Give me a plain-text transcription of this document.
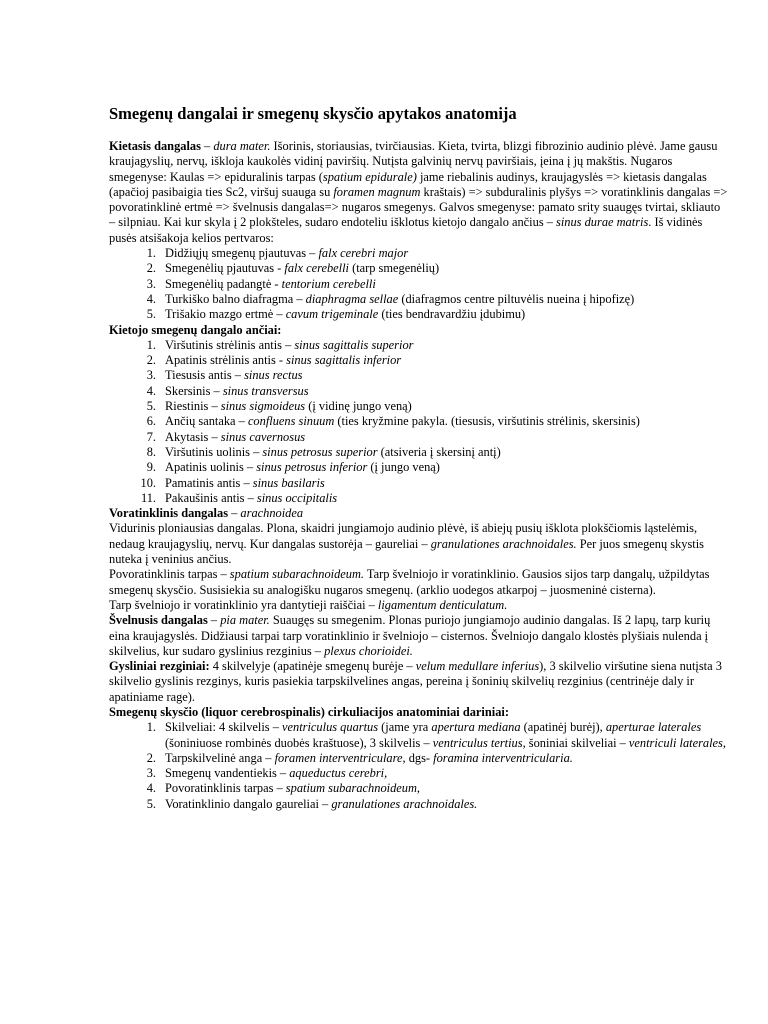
Smegenų dangalai ir smegenų skysčio apytakos anatomija

Kietasis dangalas – dura mater. Išorinis, storiausias, tvirčiausias. Kieta, tvirta, blizgi fibrozinio audinio plėvė. Jame gausu kraujagyslių, nervų, iškloja kaukolės vidinį paviršių. Nutįsta galvinių nervų paviršiais, įeina į jų makštis. Nugaros smegenyse: Kaulas => epiduralinis tarpas (spatium epidurale) jame riebalinis audinys, kraujagyslės => kietasis dangalas (apačioj pasibaigia ties Sc2, viršuj suauga su foramen magnum kraštais) => subduralinis plyšys => voratinklinis dangalas => povoratinklinė ertmė => švelnusis dangalas=> nugaros smegenys. Galvos smegenyse: pamato srity suaugęs tvirtai, skliauto – silpniau. Kai kur skyla į 2 plokšteles, sudaro endoteliu išklotus kietojo dangalo ančius – sinus durae matris. Iš vidinės pusės atsišakoja kelios pertvaros:

1. Didžiųjų smegenų pjautuvas – falx cerebri major
2. Smegenėlių pjautuvas - falx cerebelli (tarp smegenėlių)
3. Smegenėlių padangtė - tentorium cerebelli
4. Turkiško balno diafragma – diaphragma sellae (diafragmos centre piltuvėlis nueina į hipofizę)
5. Trišakio mazgo ertmė – cavum trigeminale (ties bendravardžiu įdubimu)

Kietojo smegenų dangalo ančiai:

1. Viršutinis strėlinis antis – sinus sagittalis superior
2. Apatinis strėlinis antis - sinus sagittalis inferior
3. Tiesusis antis – sinus rectus
4. Skersinis – sinus transversus
5. Riestinis – sinus sigmoideus (į vidinę jungo veną)
6. Ančių santaka – confluens sinuum (ties kryžmine pakyla. (tiesusis, viršutinis strėlinis, skersinis)
7. Akytasis – sinus cavernosus
8. Viršutinis uolinis – sinus petrosus superior (atsiveria į skersinį antį)
9. Apatinis uolinis – sinus petrosus inferior (į jungo veną)
10. Pamatinis antis – sinus basilaris
11. Pakaušinis antis – sinus occipitalis

Voratinklinis dangalas – arachnoidea

Vidurinis ploniausias dangalas. Plona, skaidri jungiamojo audinio plėvė, iš abiejų pusių išklota plokščiomis ląstelėmis, nedaug kraujagyslių, nervų. Kur dangalas sustorėja – gaureliai – granulationes arachnoidales. Per juos smegenų skystis nuteka į veninius ančius.

Povoratinklinis tarpas – spatium subarachnoideum. Tarp švelniojo ir voratinklinio. Gausios sijos tarp dangalų, užpildytas smegenų skysčio. Susisiekia su analogišku nugaros smegenų. (arklio uodegos atkarpoj – juosmeninė cisterna).

Tarp švelniojo ir voratinklinio yra dantytieji raiščiai – ligamentum denticulatum.

Švelnusis dangalas – pia mater. Suaugęs su smegenim. Plonas puriojo jungiamojo audinio dangalas. Iš 2 lapų, tarp kurių eina kraujagyslės. Didžiausi tarpai tarp voratinklinio ir švelniojo – cisternos. Švelniojo dangalo klostės plyšiais nulenda į skilvelius, kur sudaro gyslinius rezginius – plexus chorioidei.

Gysliniai rezginiai: 4 skilvelyje (apatinėje smegenų burėje – velum medullare inferius), 3 skilvelio viršutine siena nutįsta 3 skilvelio gyslinis rezginys, kuris pasiekia tarpskilvelines angas, pereina į šoninių skilvelių rezginius (centrinėje daly ir apatiniame rage).

Smegenų skysčio (liquor cerebrospinalis) cirkuliacijos anatominiai dariniai:

1. Skilveliai: 4 skilvelis – ventriculus quartus (jame yra apertura mediana (apatinėj burėj), aperturae laterales (šoniniuose rombinės duobės kraštuose), 3 skilvelis – ventriculus tertius, šoniniai skilveliai – ventriculi laterales,
2. Tarpskilvelinė anga – foramen interventriculare, dgs- foramina interventricularia.
3. Smegenų vandentiekis – aqueductus cerebri,
4. Povoratinklinis tarpas – spatium subarachnoideum,
5. Voratinklinio dangalo gaureliai – granulationes arachnoidales.
